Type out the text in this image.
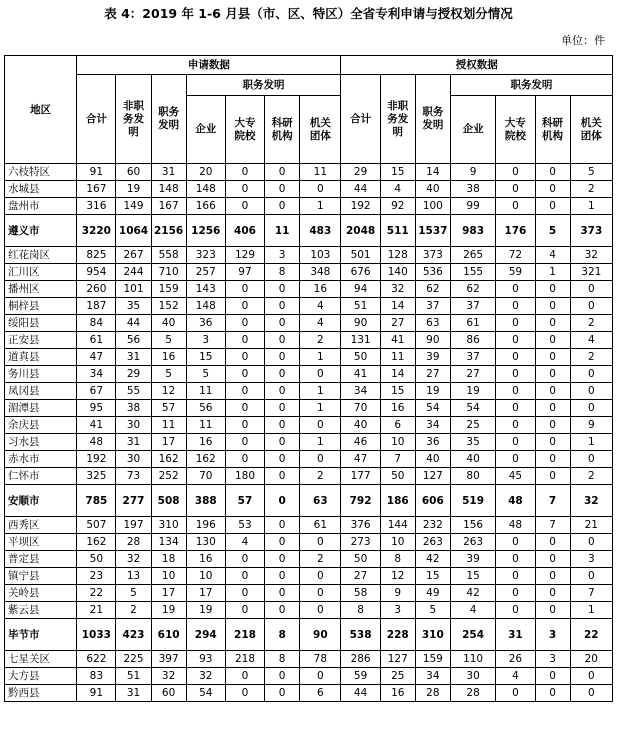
表 4：2019 年 1-6 月县（市、区、特区）全省专利申请与授权划分情况
单位：件
地区	申请数据							授权数据						
	合计	非职务发明	职务发明	职务发明				合计	非职务发明	职务发明	职务发明			
				企业	大专院校	科研机构	机关团体				企业	大专院校	科研机构	机关团体
六枝特区	91	60	31	20	0	0	11	29	15	14	9	0	0	5
水城县	167	19	148	148	0	0	0	44	4	40	38	0	0	2
盘州市	316	149	167	166	0	0	1	192	92	100	99	0	0	1
遵义市	3220	1064	2156	1256	406	11	483	2048	511	1537	983	176	5	373
红花岗区	825	267	558	323	129	3	103	501	128	373	265	72	4	32
汇川区	954	244	710	257	97	8	348	676	140	536	155	59	1	321
播州区	260	101	159	143	0	0	16	94	32	62	62	0	0	0
桐梓县	187	35	152	148	0	0	4	51	14	37	37	0	0	0
绥阳县	84	44	40	36	0	0	4	90	27	63	61	0	0	2
正安县	61	56	5	3	0	0	2	131	41	90	86	0	0	4
道真县	47	31	16	15	0	0	1	50	11	39	37	0	0	2
务川县	34	29	5	5	0	0	0	41	14	27	27	0	0	0
凤冈县	67	55	12	11	0	0	1	34	15	19	19	0	0	0
湄潭县	95	38	57	56	0	0	1	70	16	54	54	0	0	0
余庆县	41	30	11	11	0	0	0	40	6	34	25	0	0	9
习水县	48	31	17	16	0	0	1	46	10	36	35	0	0	1
赤水市	192	30	162	162	0	0	0	47	7	40	40	0	0	0
仁怀市	325	73	252	70	180	0	2	177	50	127	80	45	0	2
安顺市	785	277	508	388	57	0	63	792	186	606	519	48	7	32
西秀区	507	197	310	196	53	0	61	376	144	232	156	48	7	21
平坝区	162	28	134	130	4	0	0	273	10	263	263	0	0	0
普定县	50	32	18	16	0	0	2	50	8	42	39	0	0	3
镇宁县	23	13	10	10	0	0	0	27	12	15	15	0	0	0
关岭县	22	5	17	17	0	0	0	58	9	49	42	0	0	7
紫云县	21	2	19	19	0	0	0	8	3	5	4	0	0	1
毕节市	1033	423	610	294	218	8	90	538	228	310	254	31	3	22
七星关区	622	225	397	93	218	8	78	286	127	159	110	26	3	20
大方县	83	51	32	32	0	0	0	59	25	34	30	4	0	0
黔西县	91	31	60	54	0	0	6	44	16	28	28	0	0	0
